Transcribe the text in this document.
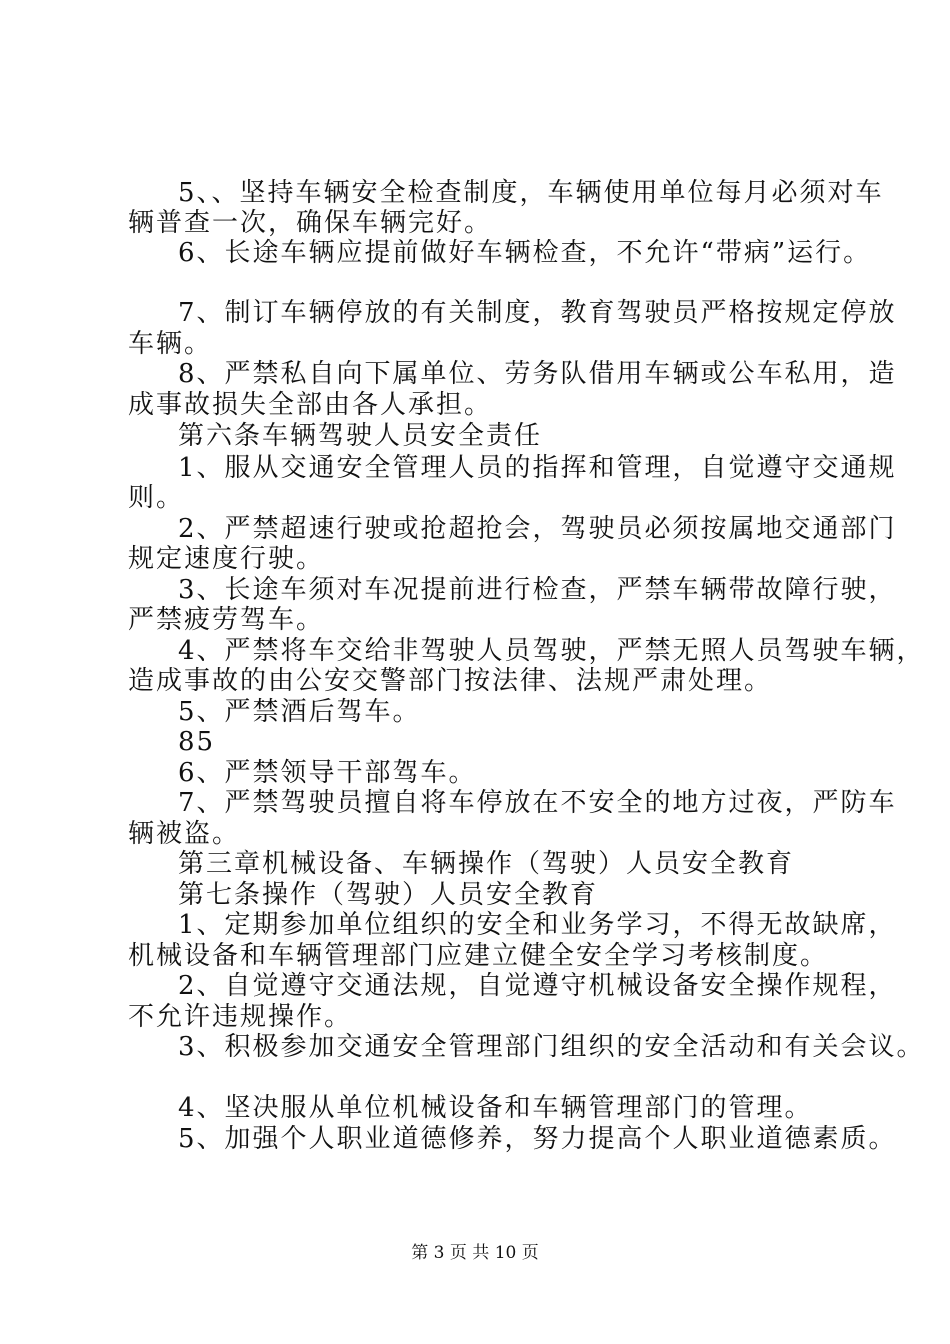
5、、坚持车辆安全检查制度，车辆使用单位每月必须对车
辆普查一次，确保车辆完好。
6、长途车辆应提前做好车辆检查，不允许“带病”运行。
7、制订车辆停放的有关制度，教育驾驶员严格按规定停放
车辆。
8、严禁私自向下属单位、劳务队借用车辆或公车私用，造
成事故损失全部由各人承担。
第六条车辆驾驶人员安全责任
1、服从交通安全管理人员的指挥和管理，自觉遵守交通规
则。
2、严禁超速行驶或抢超抢会，驾驶员必须按属地交通部门
规定速度行驶。
3、长途车须对车况提前进行检查，严禁车辆带故障行驶，
严禁疲劳驾车。
4、严禁将车交给非驾驶人员驾驶，严禁无照人员驾驶车辆，
造成事故的由公安交警部门按法律、法规严肃处理。
5、严禁酒后驾车。
85
6、严禁领导干部驾车。
7、严禁驾驶员擅自将车停放在不安全的地方过夜，严防车
辆被盗。
第三章机械设备、车辆操作（驾驶）人员安全教育
第七条操作（驾驶）人员安全教育
1、定期参加单位组织的安全和业务学习，不得无故缺席，
机械设备和车辆管理部门应建立健全安全学习考核制度。
2、自觉遵守交通法规，自觉遵守机械设备安全操作规程，
不允许违规操作。
3、积极参加交通安全管理部门组织的安全活动和有关会议。
4、坚决服从单位机械设备和车辆管理部门的管理。
5、加强个人职业道德修养，努力提高个人职业道德素质。
第 3 页 共 10 页
